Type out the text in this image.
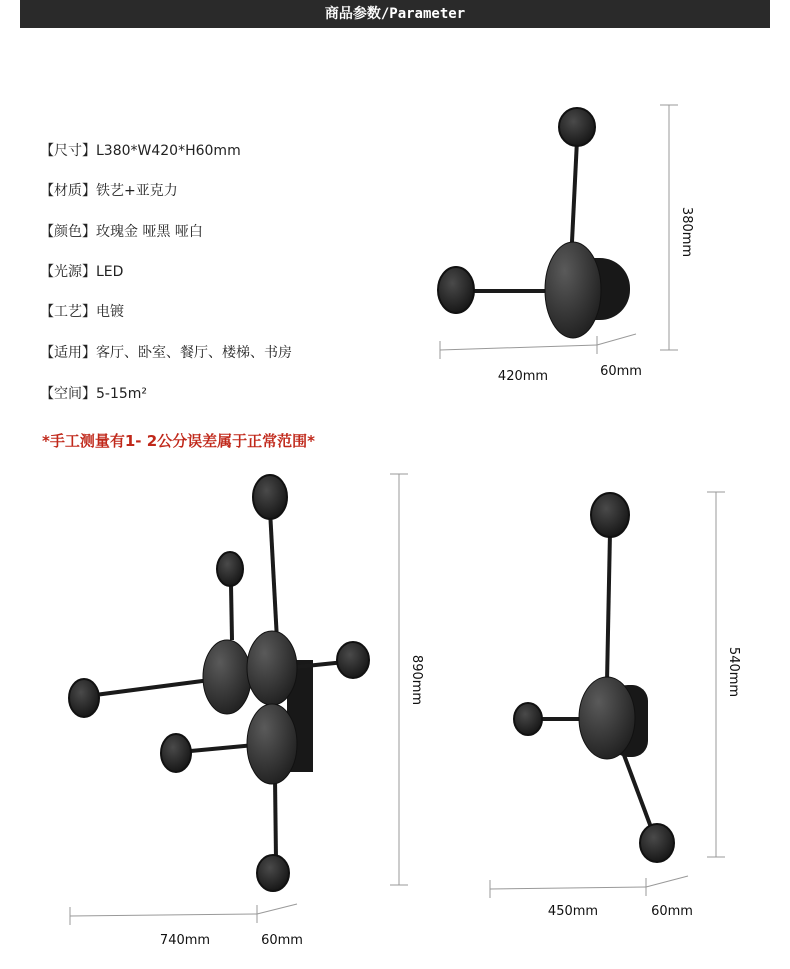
商品参数/Parameter
【尺寸】L380*W420*H60mm
【材质】铁艺+亚克力
【颜色】玫瑰金 哑黑 哑白
【光源】LED
【工艺】电镀
【适用】客厅、卧室、餐厅、楼梯、书房
【空间】5-15m²
*手工测量有1- 2公分误差属于正常范围*
380mm
420mm	60mm
890mm
740mm	60mm
540mm
450mm	60mm
